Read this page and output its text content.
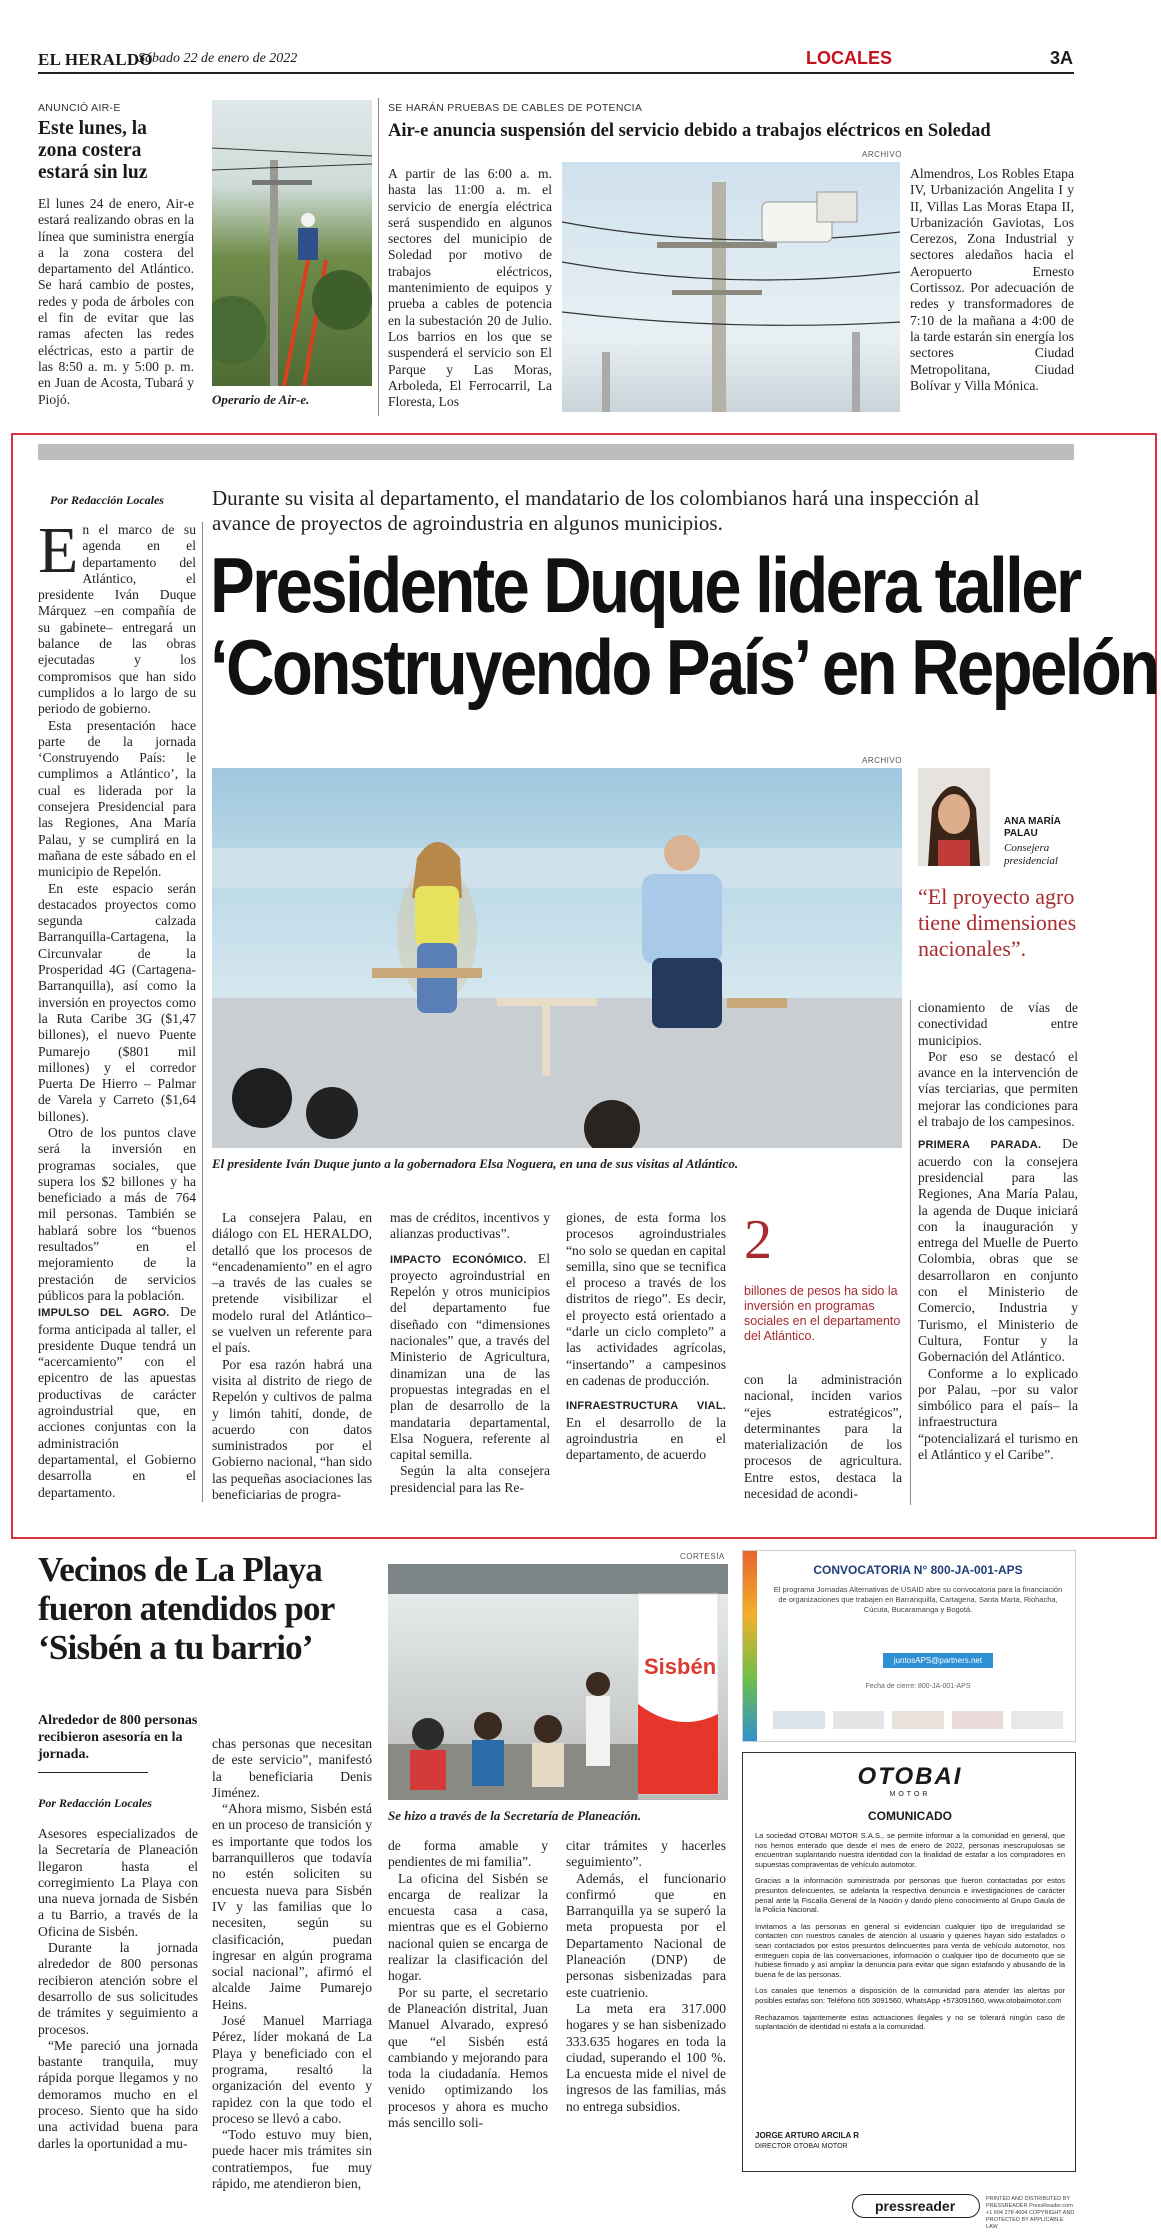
EL HERALDO
Sábado 22 de enero de 2022	LOCALES	3A
ANUNCIÓ AIR-E
Este lunes, la zona costera estará sin luz

El lunes 24 de enero, Air-e estará realizando obras en la línea que suministra energía a la zona costera del departamento del Atlántico. Se hará cambio de postes, redes y poda de árboles con el fin de evitar que las ramas afecten las redes eléctricas, esto a partir de las 8:50 a. m. y 5:00 p. m. en Juan de Acosta, Tubará y Piojó.	Operario de Air-e.
SE HARÁN PRUEBAS DE CABLES DE POTENCIA
Air-e anuncia suspensión del servicio debido a trabajos eléctricos en Soledad
ARCHIVO

A partir de las 6:00 a. m. hasta las 11:00 a. m. el servicio de energía eléctrica será suspendido en algunos sectores del municipio de Soledad por motivo de trabajos eléctricos, mantenimiento de equipos y prueba a cables de potencia en la subestación 20 de Julio. Los barrios en los que se suspenderá el servicio son El Parque y Las Moras, Arboleda, El Ferrocarril, La Floresta, Los

Almendros, Los Robles Etapa IV, Urbanización Angelita I y II, Villas Las Moras Etapa II, Urbanización Gaviotas, Los Cerezos, Zona Industrial y sectores aledaños hacia el Aeropuerto Ernesto Cortissoz. Por adecuación de redes y transformadores de 7:10 de la mañana a 4:00 de la tarde estarán sin energía los sectores Ciudad Metropolitana, Ciudad Bolívar y Villa Mónica.

Por Redacción Locales Durante su visita al departamento, el mandatario de los colombianos hará una inspección al avance de proyectos de agroindustria en algunos municipios.
Presidente Duque lidera taller
‘Construyendo País’ en Repelón

En el marco de su agenda en el departamento del Atlántico, el presidente Iván Duque Márquez –en compañía de su gabinete– entregará un balance de las obras ejecutadas y los compromisos que han sido cumplidos a lo largo de su periodo de gobierno.

Esta presentación hace parte de la jornada ‘Construyendo País: le cumplimos a Atlántico’, la cual es liderada por la consejera Presidencial para las Regiones, Ana María Palau, y se cumplirá en la mañana de este sábado en el municipio de Repelón.

En este espacio serán destacados proyectos como segunda calzada Barranquilla-Cartagena, la Circunvalar de la Prosperidad 4G (Cartagena-Barranquilla), así como la inversión en proyectos como la Ruta Caribe 3G ($1,47 billones), el nuevo Puente Pumarejo ($801 mil millones) y el corredor Puerta De Hierro – Palmar de Varela y Carreto ($1,64 billones).

Otro de los puntos clave será la inversión en programas sociales, que supera los $2 billones y ha beneficiado a más de 764 mil personas. También se hablará sobre los “buenos resultados” en el mejoramiento de la prestación de servicios públicos para la población.

IMPULSO DEL AGRO. De forma anticipada al taller, el presidente Duque tendrá un “acercamiento” con el epicentro de las apuestas productivas de carácter agroindustrial que, en acciones conjuntas con la administración departamental, el Gobierno desarrolla en el departamento.

ARCHIVO
El presidente Iván Duque junto a la gobernadora Elsa Noguera, en una de sus visitas al Atlántico.
ANA MARÍA PALAU
Consejera presidencial
“El proyecto agro tiene dimensiones nacionales”.

cionamiento de vías de conectividad entre municipios.

Por eso se destacó el avance en la intervención de vías terciarias, que permiten mejorar las condiciones para el trabajo de los campesinos.

PRIMERA PARADA. De acuerdo con la consejera presidencial para las Regiones, Ana María Palau, la agenda de Duque iniciará con la inauguración y entrega del Muelle de Puerto Colombia, obras que se desarrollaron en conjunto con el Ministerio de Comercio, Industria y Turismo, el Ministerio de Cultura, Fontur y la Gobernación del Atlántico.

Conforme a lo explicado por Palau, –por su valor simbólico para el país– la infraestructura “potencializará el turismo en el Atlántico y el Caribe”.

La consejera Palau, en diálogo con EL HERALDO, detalló que los procesos de “encadenamiento” en el agro –a través de las cuales se pretende visibilizar el modelo rural del Atlántico– se vuelven un referente para el país.

Por esa razón habrá una visita al distrito de riego de Repelón y cultivos de palma y limón tahití, donde, de acuerdo con datos suministrados por el Gobierno nacional, “han sido las pequeñas asociaciones las beneficiarias de progra-

mas de créditos, incentivos y alianzas productivas”.

IMPACTO ECONÓMICO. El proyecto agroindustrial en Repelón y otros municipios del departamento fue diseñado con “dimensiones nacionales” que, a través del Ministerio de Agricultura, dinamizan una de las propuestas integradas en el plan de desarrollo de la mandataria departamental, Elsa Noguera, referente al capital semilla.

Según la alta consejera presidencial para las Re-

giones, de esta forma los procesos agroindustriales “no solo se quedan en capital semilla, sino que se tecnifica el proceso a través de los distritos de riego”. Es decir, el proyecto está orientado a “darle un ciclo completo” a las actividades agrícolas, “insertando” a campesinos en cadenas de producción.

INFRAESTRUCTURA VIAL. En el desarrollo de la agroindustria en el departamento, de acuerdo

2
billones de pesos ha sido la inversión en programas sociales en el departamento del Atlántico.

con la administración nacional, inciden varios “ejes estratégicos”, determinantes para la materialización de los procesos de agricultura. Entre estos, destaca la necesidad de acondi-

Vecinos de La Playa fueron atendidos por ‘Sisbén a tu barrio’
Alrededor de 800 personas recibieron asesoría en la jornada.
Por Redacción Locales

Asesores especializados de la Secretaría de Planeación llegaron hasta el corregimiento La Playa con una nueva jornada de Sisbén a tu Barrio, a través de la Oficina de Sisbén.

Durante la jornada alrededor de 800 personas recibieron atención sobre el desarrollo de sus solicitudes de trámites y seguimiento a procesos.

“Me pareció una jornada bastante tranquila, muy rápida porque llegamos y no demoramos mucho en el proceso. Siento que ha sido una actividad buena para darles la oportunidad a mu-

chas personas que necesitan de este servicio”, manifestó la beneficiaria Denis Jiménez.

“Ahora mismo, Sisbén está en un proceso de transición y es importante que todos los barranquilleros que todavía no estén soliciten su encuesta nueva para Sisbén IV y las familias que lo necesiten, según su clasificación, puedan ingresar en algún programa social nacional”, afirmó el alcalde Jaime Pumarejo Heins.

José Manuel Marriaga Pérez, líder mokaná de La Playa y beneficiado con el programa, resaltó la organización del evento y rapidez con la que todo el proceso se llevó a cabo.

“Todo estuvo muy bien, puede hacer mis trámites sin contratiempos, fue muy rápido, me atendieron bien,

CORTESÍA
Sisbén
Se hizo a través de la Secretaría de Planeación.

de forma amable y pendientes de mi familia”.

La oficina del Sisbén se encarga de realizar la encuesta casa a casa, mientras que es el Gobierno nacional quien se encarga de realizar la clasificación del hogar.

Por su parte, el secretario de Planeación distrital, Juan Manuel Alvarado, expresó que “el Sisbén está cambiando y mejorando para toda la ciudadanía. Hemos venido optimizando los procesos y ahora es mucho más sencillo soli-

citar trámites y hacerles seguimiento”.

Además, el funcionario confirmó que en Barranquilla ya se superó la meta propuesta por el Departamento Nacional de Planeación (DNP) de personas sisbenizadas para este cuatrienio.

La meta era 317.000 hogares y se han sisbenizado 333.635 hogares en toda la ciudad, superando el 100 %. La encuesta mide el nivel de ingresos de las familias, más no entrega subsidios.

CONVOCATORIA N° 800-JA-001-APS
El programa Jornadas Alternativas de USAID abre su convocatoria para la financiación de organizaciones que trabajen en Barranquilla, Cartagena, Santa Marta, Riohacha, Cúcuta, Bucaramanga y Bogotá.
juntosAPS@partners.net
Fecha de cierre: 800-JA-001-APS
OTOBAI
MOTOR
COMUNICADO

La sociedad OTOBAI MOTOR S.A.S., se permite informar a la comunidad en general, que nos hemos enterado que desde el mes de enero de 2022, personas inescrupulosas se encuentran suplantando nuestra identidad con la finalidad de estafar a los compradores en supuestas compraventas de vehículo automotor.

Gracias a la información suministrada por personas que fueron contactadas por estos presuntos delincuentes, se adelanta la respectiva denuncia e investigaciones de carácter penal ante la Fiscalía General de la Nación y dando pleno conocimiento al Grupo Gaula de la Policía Nacional.

Invitamos a las personas en general si evidencian cualquier tipo de irregularidad se contacten con nuestros canales de atención al usuario y quienes hayan sido estafados o sean contactados por estos presuntos delincuentes para venta de vehículo automotor, nos entreguen copia de las conversaciones, información o cualquier tipo de documento que se hubiese firmado y así ampliar la denuncia para evitar que sigan estafando y abusando de la buena fe de las personas.

Los canales que tenemos a disposición de la comunidad para atender las alertas por posibles estafas son: Teléfono 605 3091560, WhatsApp +573091560, www.otobaimotor.com

Rechazamos tajantemente estas actuaciones ilegales y no se tolerará ningún caso de suplantación de identidad ni estafa a la comunidad.

JORGE ARTURO ARCILA R
DIRECTOR OTOBAI MOTOR
pressreader	PRINTED AND DISTRIBUTED BY PRESSREADER PressReader.com +1 604 278 4604 COPYRIGHT AND PROTECTED BY APPLICABLE LAW
